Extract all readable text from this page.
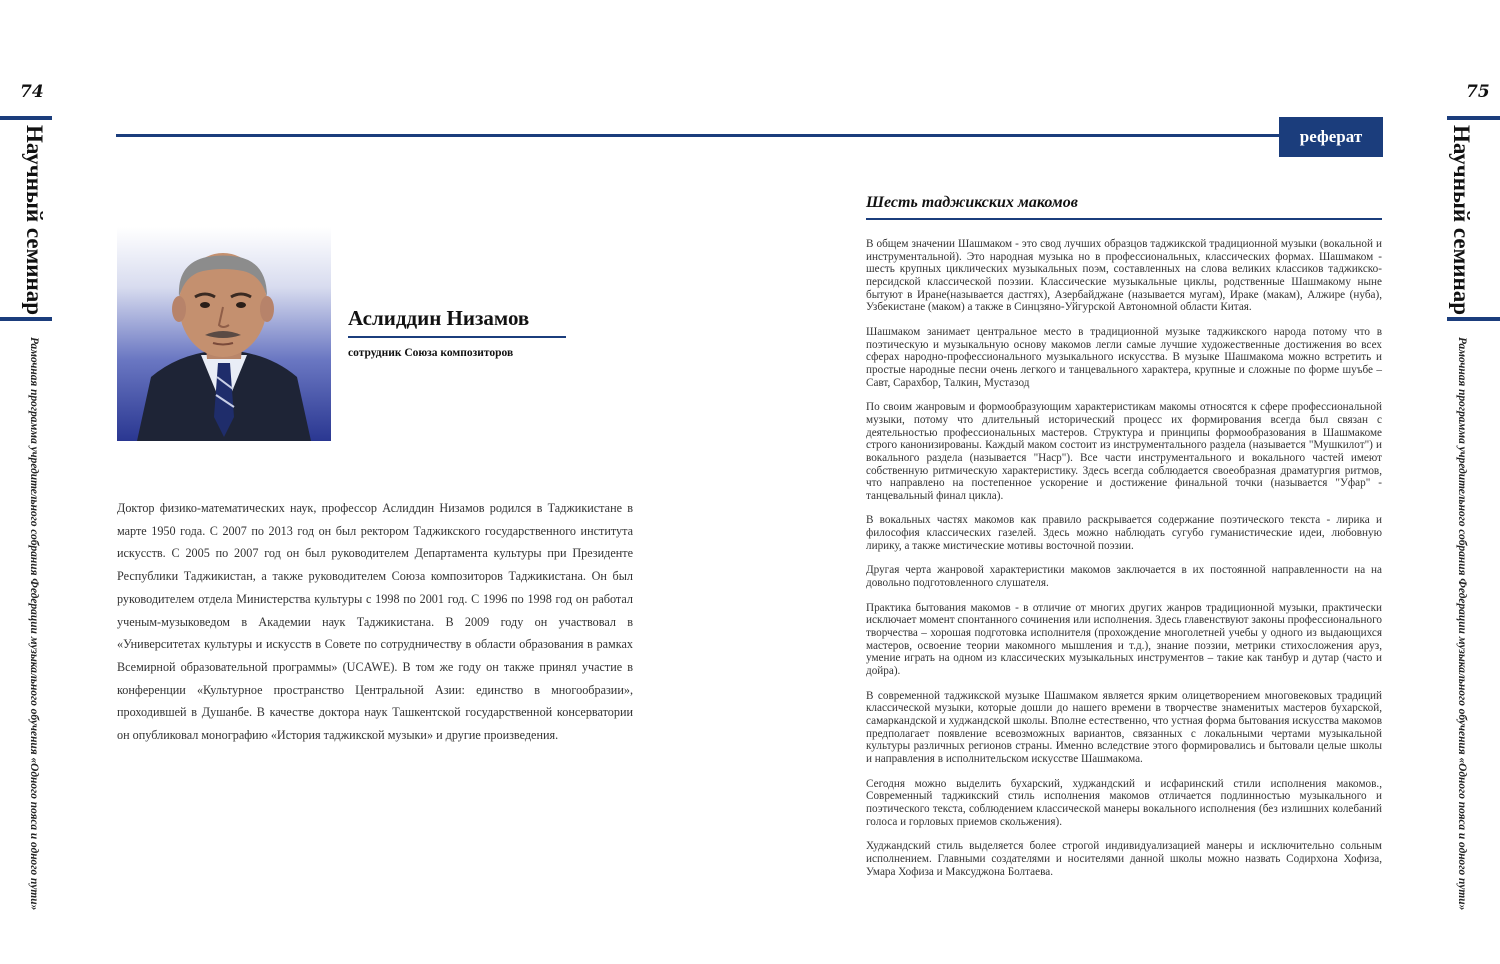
74
Научный семинар
Рамочная программа учредительного собрания Федерации музыкального обучения «Одного пояса и одного пути»
75
Научный семинар
Рамочная программа учредительного собрания Федерации музыкального обучения «Одного пояса и одного пути»
реферат
Аслиддин Низамов
сотрудник Союза композиторов

Доктор физико-математических наук, профессор Аслиддин Низамов родился в Таджикистане в марте 1950 года. С 2007 по 2013 год он был ректором Таджикского государственного института искусств. С 2005 по 2007 год он был руководителем Департамента культуры при Президенте Республики Таджикистан, а также руководителем Союза композиторов Таджикистана. Он был руководителем отдела Министерства культуры с 1998 по 2001 год. С 1996 по 1998 год он работал ученым-музыковедом в Академии наук Таджикистана. В 2009 году он участвовал в «Университетах культуры и искусств в Совете по сотрудничеству в области образования в рамках Всемирной образовательной программы» (UCAWE). В том же году он также принял участие в конференции «Культурное пространство Центральной Азии: единство в многообразии», проходившей в Душанбе. В качестве доктора наук Ташкентской государственной консерватории он опубликовал монографию «История таджикской музыки» и другие произведения.

Шесть таджикских макомов

В общем значении Шашмаком - это свод лучших образцов таджикской традиционной музыки (вокальной и инструментальной). Это народная музыка но в профессиональных, классических формах. Шашмаком - шесть крупных циклических музыкальных поэм, составленных на слова великих классиков таджикско-персидской классической поэзии. Классические музыкальные циклы, родственные Шашмакому ныне бытуют в Иране(называется дастгях), Азербайджане (называется мугам), Ираке (макам), Алжире (нуба), Узбекистане (маком) а также в Синцзяно-Уйгурской Автономной области Китая.

Шашмаком занимает центральное место в традиционной музыке таджикского народа потому что в поэтическую и музыкальную основу макомов легли самые лучшие художественные достижения во всех сферах народно-профессионального музыкального искусства. В музыке Шашмакома можно встретить и простые народные песни очень легкого и танцевального характера, крупные и сложные по форме шуъбе – Савт, Сарахбор, Талкин, Мустазод

По своим жанровым и формообразующим характеристикам макомы относятся к сфере профессиональной музыки, потому что длительный исторический процесс их формирования всегда был связан с деятельностью профессиональных мастеров. Структура и принципы формообразования в Шашмакоме строго канонизированы. Каждый маком состоит из инструментального раздела (называется "Мушкилот") и вокального раздела (называется "Наср"). Все части инструментального и вокального частей имеют собственную ритмическую характеристику. Здесь всегда соблюдается своеобразная драматургия ритмов, что направлено на постепенное ускорение и достижение финальной точки (называется "Уфар" - танцевальный финал цикла).

В вокальных частях макомов как правило раскрывается содержание поэтического текста - лирика и философия классических газелей. Здесь можно наблюдать сугубо гуманистические идеи, любовную лирику, а также мистические мотивы восточной поэзии.

Другая черта жанровой характеристики макомов заключается в их постоянной направленности на на довольно подготовленного слушателя.

Практика бытования макомов - в отличие от многих других жанров традиционной музыки, практически исключает момент спонтанного сочинения или исполнения. Здесь главенствуют законы профессионального творчества – хорошая подготовка исполнителя (прохождение многолетней учебы у одного из выдающихся мастеров, освоение теории макомного мышления и т.д.), знание поэзии, метрики стихосложения аруз, умение играть на одном из классических музыкальных инструментов – такие как танбур и дутар (часто и дойра).

В современной таджикской музыке Шашмаком является ярким олицетворением многовековых традиций классической музыки, которые дошли до нашего времени в творчестве знаменитых мастеров бухарской, самаркандской и худжандской школы. Вполне естественно, что устная форма бытования искусства макомов предполагает появление всевозможных вариантов, связанных с локальными чертами музыкальной культуры различных регионов страны. Именно вследствие этого формировались и бытовали целые школы и направления в исполнительском искусстве Шашмакома.

Сегодня можно выделить бухарский, худжандский и исфаринский стили исполнения макомов., Современный таджикский стиль исполнения макомов отличается подлинностью музыкального и поэтического текста, соблюдением классической манеры вокального исполнения (без излишних колебаний голоса и горловых приемов скольжения).

Худжандский стиль выделяется более строгой индивидуализацией манеры и исключительно сольным исполнением. Главными создателями и носителями данной школы можно назвать Содирхона Хофиза, Умара Хофиза и Максуджона Болтаева.
